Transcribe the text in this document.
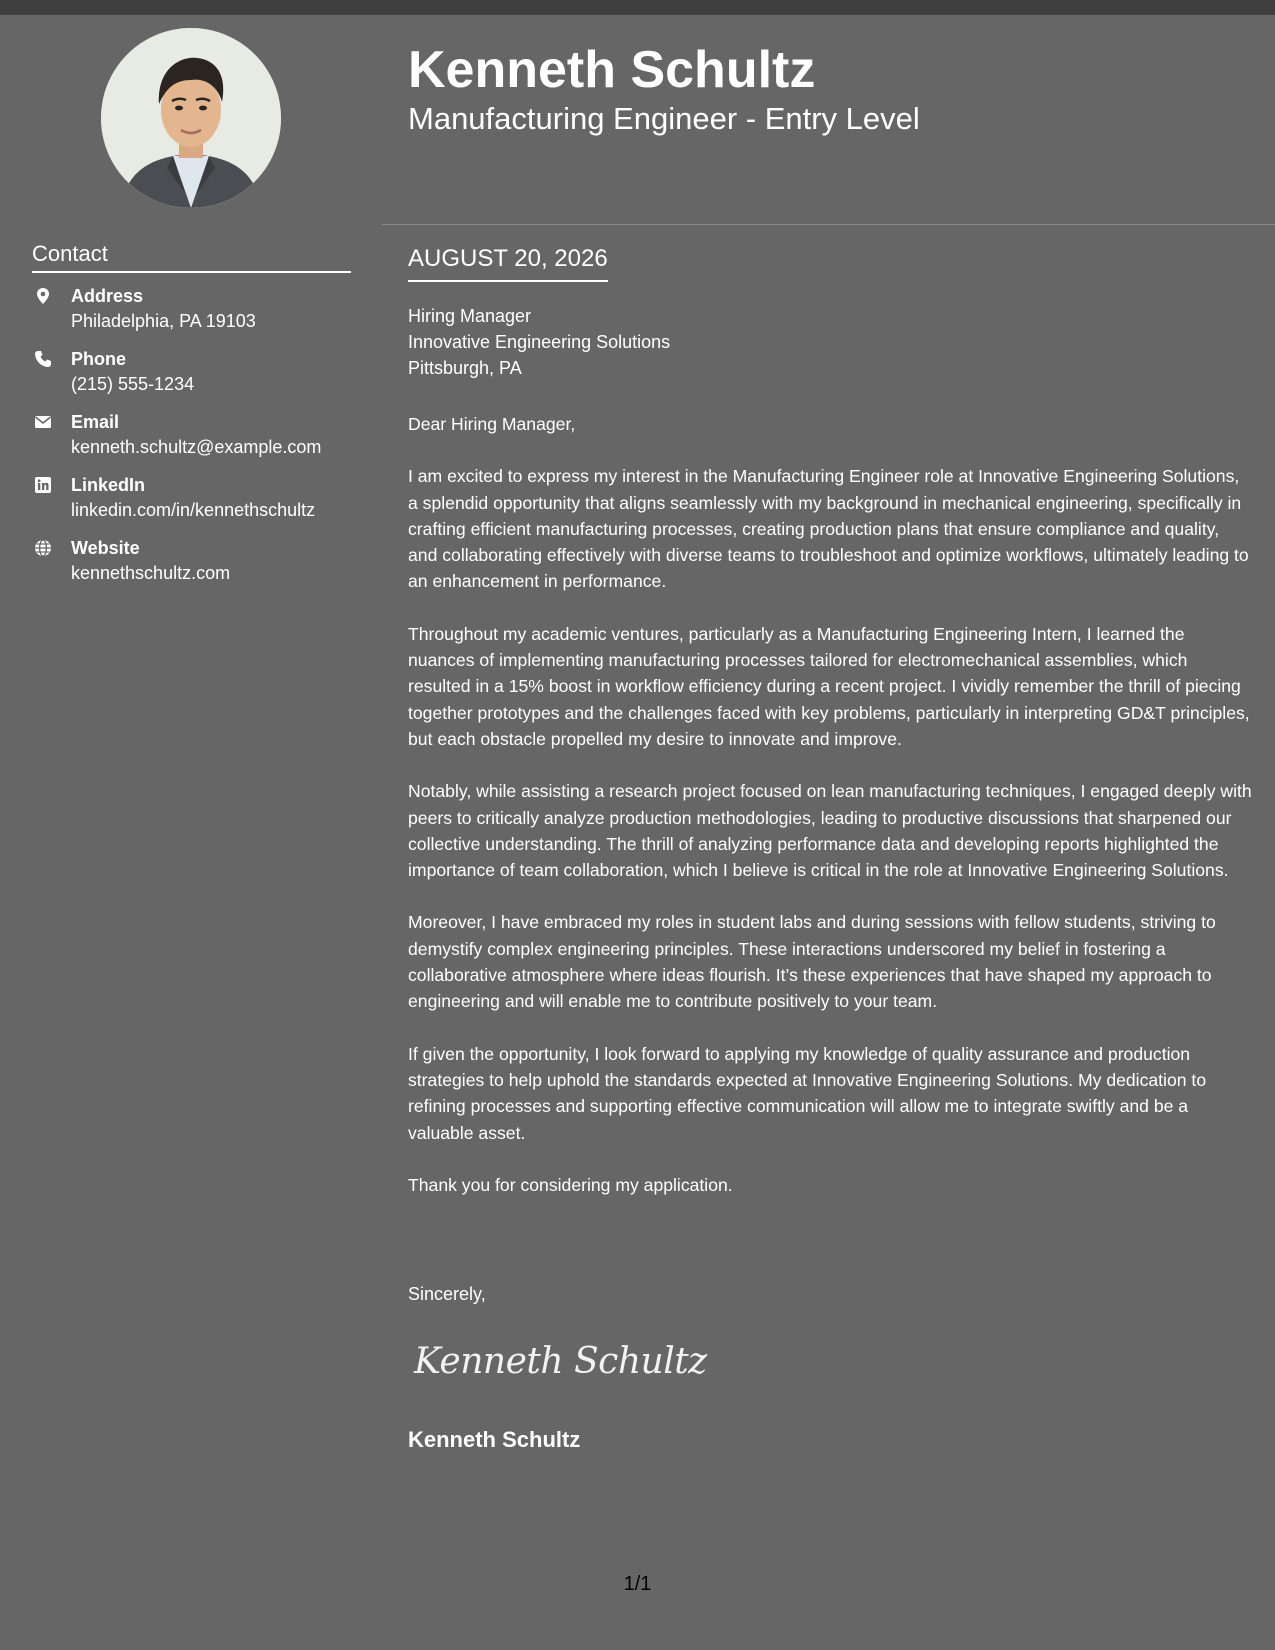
Kenneth Schultz
Manufacturing Engineer - Entry Level
Contact
Address
Philadelphia, PA 19103
Phone
(215) 555-1234
Email
kenneth.schultz@example.com
LinkedIn
linkedin.com/in/kennethschultz
Website
kennethschultz.com
AUGUST 20, 2026
Hiring Manager
Innovative Engineering Solutions
Pittsburgh, PA

Dear Hiring Manager,

I am excited to express my interest in the Manufacturing Engineer role at Innovative Engineering Solutions, a splendid opportunity that aligns seamlessly with my background in mechanical engineering, specifically in crafting efficient manufacturing processes, creating production plans that ensure compliance and quality, and collaborating effectively with diverse teams to troubleshoot and optimize workflows, ultimately leading to an enhancement in performance.

Throughout my academic ventures, particularly as a Manufacturing Engineering Intern, I learned the nuances of implementing manufacturing processes tailored for electromechanical assemblies, which resulted in a 15% boost in workflow efficiency during a recent project. I vividly remember the thrill of piecing together prototypes and the challenges faced with key problems, particularly in interpreting GD&T principles, but each obstacle propelled my desire to innovate and improve.

Notably, while assisting a research project focused on lean manufacturing techniques, I engaged deeply with peers to critically analyze production methodologies, leading to productive discussions that sharpened our collective understanding. The thrill of analyzing performance data and developing reports highlighted the importance of team collaboration, which I believe is critical in the role at Innovative Engineering Solutions.

Moreover, I have embraced my roles in student labs and during sessions with fellow students, striving to demystify complex engineering principles. These interactions underscored my belief in fostering a collaborative atmosphere where ideas flourish. It’s these experiences that have shaped my approach to engineering and will enable me to contribute positively to your team.

If given the opportunity, I look forward to applying my knowledge of quality assurance and production strategies to help uphold the standards expected at Innovative Engineering Solutions. My dedication to refining processes and supporting effective communication will allow me to integrate swiftly and be a valuable asset.

Thank you for considering my application.

Sincerely,
Kenneth Schultz
Kenneth Schultz
1/1
